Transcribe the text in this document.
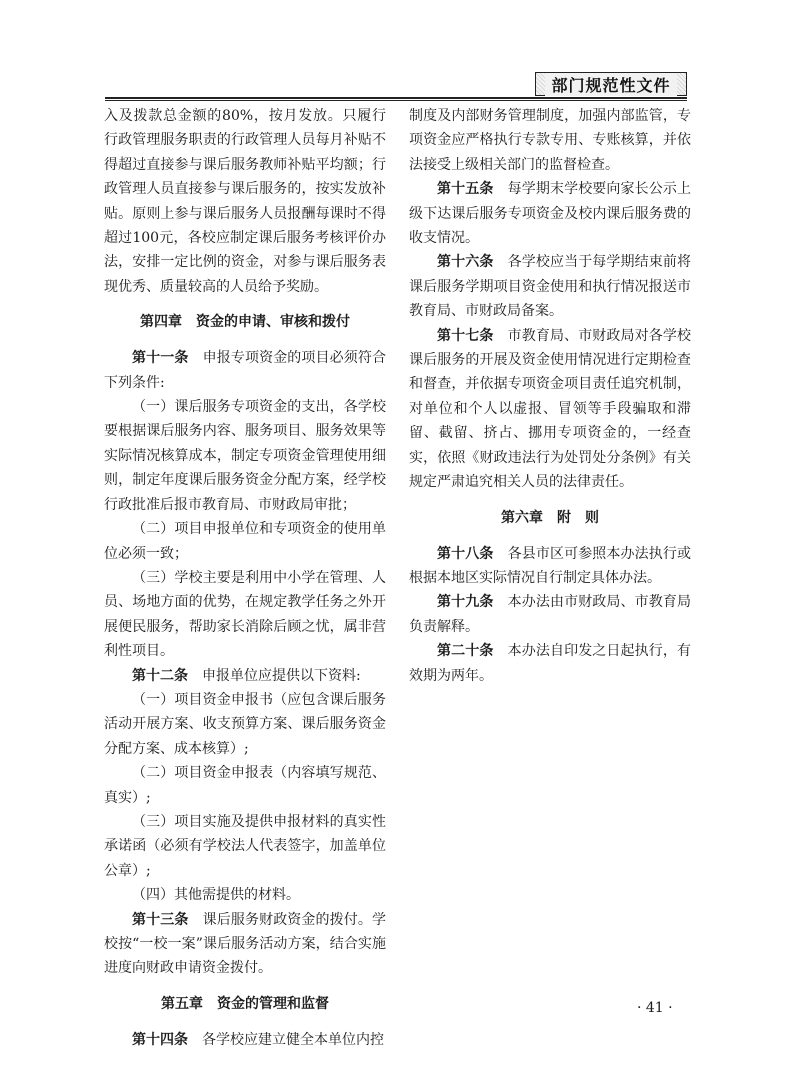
部门规范性文件

入及拨款总金额的80%，按月发放。只履行行政管理服务职责的行政管理人员每月补贴不得超过直接参与课后服务教师补贴平均额；行政管理人员直接参与课后服务的，按实发放补贴。原则上参与课后服务人员报酬每课时不得超过100元，各校应制定课后服务考核评价办法，安排一定比例的资金，对参与课后服务表现优秀、质量较高的人员给予奖励。

第四章　资金的申请、审核和拨付

第十一条　申报专项资金的项目必须符合下列条件:

（一）课后服务专项资金的支出，各学校要根据课后服务内容、服务项目、服务效果等实际情况核算成本，制定专项资金管理使用细则，制定年度课后服务资金分配方案，经学校行政批准后报市教育局、市财政局审批；

（二）项目申报单位和专项资金的使用单位必须一致；

（三）学校主要是利用中小学在管理、人员、场地方面的优势，在规定教学任务之外开展便民服务，帮助家长消除后顾之忧，属非营利性项目。

第十二条　申报单位应提供以下资料:

（一）项目资金申报书（应包含课后服务活动开展方案、收支预算方案、课后服务资金分配方案、成本核算）;

（二）项目资金申报表（内容填写规范、真实）;

（三）项目实施及提供申报材料的真实性承诺函（必须有学校法人代表签字，加盖单位公章）;

（四）其他需提供的材料。

第十三条　课后服务财政资金的拨付。学校按“一校一案”课后服务活动方案，结合实施进度向财政申请资金拨付。

第五章　资金的管理和监督

第十四条　各学校应建立健全本单位内控

制度及内部财务管理制度，加强内部监管，专项资金应严格执行专款专用、专账核算，并依法接受上级相关部门的监督检查。

第十五条　每学期末学校要向家长公示上级下达课后服务专项资金及校内课后服务费的收支情况。

第十六条　各学校应当于每学期结束前将课后服务学期项目资金使用和执行情况报送市教育局、市财政局备案。

第十七条　市教育局、市财政局对各学校课后服务的开展及资金使用情况进行定期检查和督查，并依据专项资金项目责任追究机制，对单位和个人以虚报、冒领等手段骗取和滞留、截留、挤占、挪用专项资金的，一经查实，依照《财政违法行为处罚处分条例》有关规定严肃追究相关人员的法律责任。

第六章　附　则

第十八条　各县市区可参照本办法执行或根据本地区实际情况自行制定具体办法。

第十九条　本办法由市财政局、市教育局负责解释。

第二十条　本办法自印发之日起执行，有效期为两年。

· 41 ·
